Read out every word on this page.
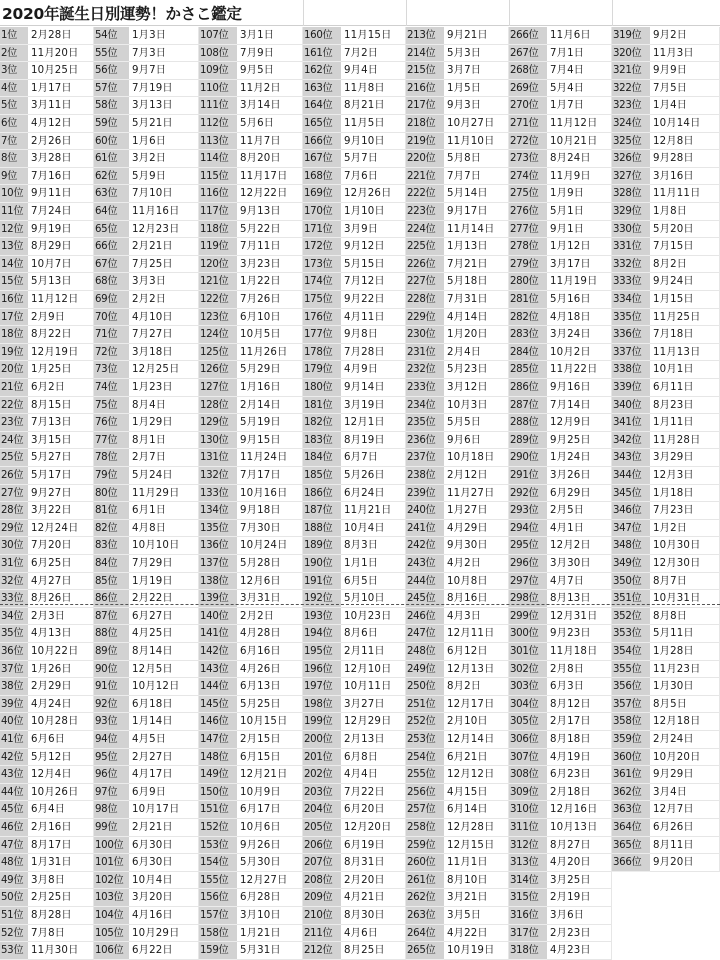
2020年誕生日別運勢！かさこ鑑定
1位	2月28日
2位	11月20日
3位	10月25日
4位	1月17日
5位	3月11日
6位	4月12日
7位	2月26日
8位	3月28日
9位	7月16日
10位 9月11日
11位 7月24日
12位 9月19日
13位 8月29日
14位 10月7日
15位 5月13日
16位 11月12日
17位 2月9日
18位 8月22日
19位 12月19日
20位 1月25日
21位 6月2日
22位 8月15日
23位 7月13日
24位 3月15日
25位 5月27日
26位 5月17日
27位 9月27日
28位 3月22日
29位 12月24日
30位 7月20日
31位 6月25日
32位 4月27日
33位 8月26日
34位 2月3日
35位 4月13日
36位 10月22日
37位 1月26日
38位 2月29日
39位 4月24日
40位 10月28日
41位 6月6日
42位 5月12日
43位 12月4日
44位 10月26日
45位 6月4日
46位 2月16日
47位 8月17日
48位 1月31日
49位 3月8日
50位 2月25日
51位 8月28日
52位 7月8日
53位 11月30日
54位	1月3日
55位	7月3日
56位	9月7日
57位	7月19日
58位	3月13日
59位	5月21日
60位	1月6日
61位	3月2日
62位	5月9日
63位	7月10日
64位	11月16日
65位	12月23日
66位	2月21日
67位	7月25日
68位	3月3日
69位	2月2日
70位	4月10日
71位	7月27日
72位	3月18日
73位	12月25日
74位	1月23日
75位	8月4日
76位	1月29日
77位	8月1日
78位	2月7日
79位	5月24日
80位	11月29日
81位	6月1日
82位	4月8日
83位	10月10日
84位	7月29日
85位	1月19日
86位	2月22日
87位	6月27日
88位	4月25日
89位	8月14日
90位	12月5日
91位	10月12日
92位	6月18日
93位	1月14日
94位	4月5日
95位	2月27日
96位	4月17日
97位	6月9日
98位	10月17日
99位	2月21日
100位 6月30日
101位 6月30日
102位 10月4日
103位 3月20日
104位 4月16日
105位 10月29日
106位 6月22日
107位	3月1日
108位	7月9日
109位	9月5日
110位	11月2日
111位	3月14日
112位	5月6日
113位	11月7日
114位	8月20日
115位	11月17日
116位	12月22日
117位	9月13日
118位	5月22日
119位	7月11日
120位	3月23日
121位	1月22日
122位	7月26日
123位	6月10日
124位	10月5日
125位	11月26日
126位	5月29日
127位	1月16日
128位	2月14日
129位	5月19日
130位	9月15日
131位	11月24日
132位	7月17日
133位	10月16日
134位	9月18日
135位	7月30日
136位	10月24日
137位	5月28日
138位	12月6日
139位	3月31日
140位	2月2日
141位	4月28日
142位	6月16日
143位	4月26日
144位	6月13日
145位	5月25日
146位	10月15日
147位	2月15日
148位	6月15日
149位	12月21日
150位	10月9日
151位	6月17日
152位	10月6日
153位	9月26日
154位	5月30日
155位	12月27日
156位	6月28日
157位	3月10日
158位	1月21日
159位	5月31日
160位	11月15日
161位	7月2日
162位	9月4日
163位	11月8日
164位	8月21日
165位	11月5日
166位	9月10日
167位	5月7日
168位	7月6日
169位	12月26日
170位	1月10日
171位	3月9日
172位	9月12日
173位	5月15日
174位	7月12日
175位	9月22日
176位	4月11日
177位	9月8日
178位	7月28日
179位	4月9日
180位	9月14日
181位	3月19日
182位	12月1日
183位	8月19日
184位	6月7日
185位	5月26日
186位	6月24日
187位	11月21日
188位	10月4日
189位	8月3日
190位	1月1日
191位	6月5日
192位	5月10日
193位	10月23日
194位	8月6日
195位	2月11日
196位	12月10日
197位	10月11日
198位	3月27日
199位	12月29日
200位	2月13日
201位	6月8日
202位	4月4日
203位	7月22日
204位	6月20日
205位	12月20日
206位	6月19日
207位	8月31日
208位	2月20日
209位	4月21日
210位	8月30日
211位	4月6日
212位	8月25日
213位	9月21日
214位	5月3日
215位	3月7日
216位	1月5日
217位	9月3日
218位	10月27日
219位	11月10日
220位	5月8日
221位	7月7日
222位	5月14日
223位	9月17日
224位	11月14日
225位	1月13日
226位	7月21日
227位	5月18日
228位	7月31日
229位	4月14日
230位	1月20日
231位	2月4日
232位	5月23日
233位	3月12日
234位	10月3日
235位	5月5日
236位	9月6日
237位	10月18日
238位	2月12日
239位	11月27日
240位	1月27日
241位	4月29日
242位	9月30日
243位	4月2日
244位	10月8日
245位	8月16日
246位	4月3日
247位	12月11日
248位	6月12日
249位	12月13日
250位	8月2日
251位	12月17日
252位	2月10日
253位	12月14日
254位	6月21日
255位	12月12日
256位	4月15日
257位	6月14日
258位	12月28日
259位	12月15日
260位	11月1日
261位	8月10日
262位	3月21日
263位	3月5日
264位	4月22日
265位	10月19日
266位	11月6日
267位	7月1日
268位	7月4日
269位	5月4日
270位	1月7日
271位	11月12日
272位	10月21日
273位	8月24日
274位	11月9日
275位	1月9日
276位	5月1日
277位	9月1日
278位	1月12日
279位	3月17日
280位	11月19日
281位	5月16日
282位	4月18日
283位	3月24日
284位	10月2日
285位	11月22日
286位	9月16日
287位	7月14日
288位	12月9日
289位	9月25日
290位	1月24日
291位	3月26日
292位	6月29日
293位	2月5日
294位	4月1日
295位	12月2日
296位	3月30日
297位	4月7日
298位	8月13日
299位	12月31日
300位	9月23日
301位	11月18日
302位	2月8日
303位	6月3日
304位	8月12日
305位	2月17日
306位	8月18日
307位	4月19日
308位	6月23日
309位	2月18日
310位	12月16日
311位	10月13日
312位	8月27日
313位	4月20日
314位	3月25日
315位	2月19日
316位	3月6日
317位	2月23日
318位	4月23日
319位	9月2日
320位	11月3日
321位	9月9日
322位	7月5日
323位	1月4日
324位	10月14日
325位	12月8日
326位	9月28日
327位	3月16日
328位	11月11日
329位	1月8日
330位	5月20日
331位	7月15日
332位	8月2日
333位	9月24日
334位	1月15日
335位	11月25日
336位	7月18日
337位	11月13日
338位	10月1日
339位	6月11日
340位	8月23日
341位	1月11日
342位	11月28日
343位	3月29日
344位	12月3日
345位	1月18日
346位	7月23日
347位	1月2日
348位	10月30日
349位	12月30日
350位	8月7日
351位	10月31日
352位	8月8日
353位	5月11日
354位	1月28日
355位	11月23日
356位	1月30日
357位	8月5日
358位	12月18日
359位	2月24日
360位	10月20日
361位	9月29日
362位	3月4日
363位	12月7日
364位	6月26日
365位	8月11日
366位	9月20日
